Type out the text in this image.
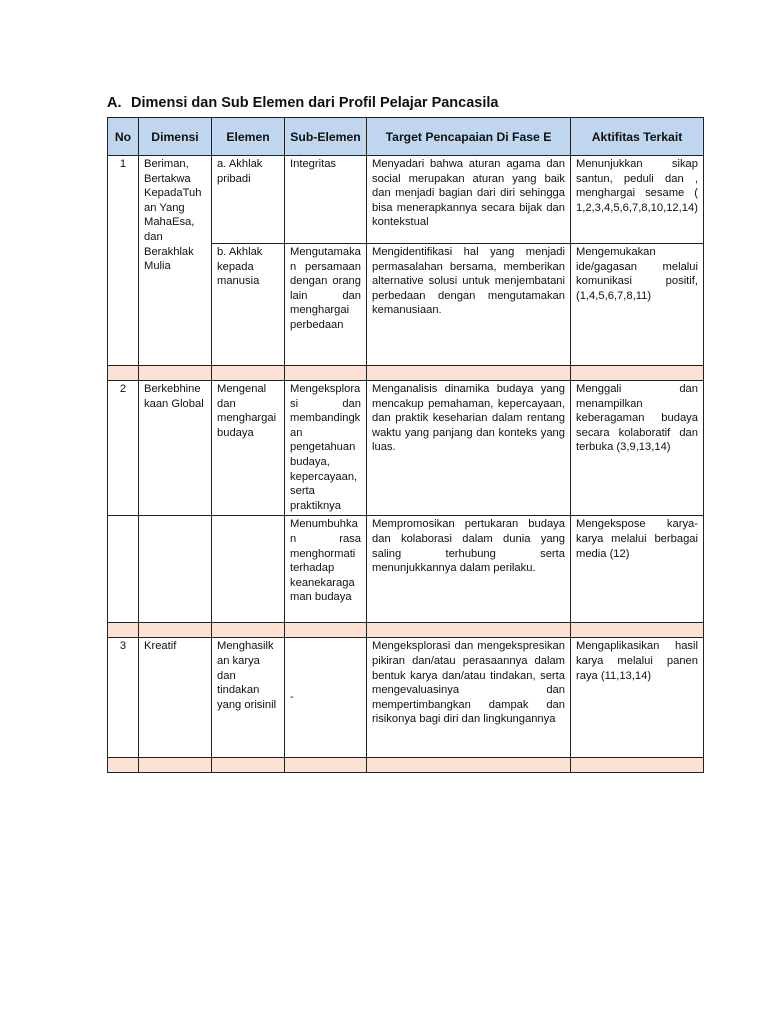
A. Dimensi dan Sub Elemen dari Profil Pelajar Pancasila
No	Dimensi	Elemen	Sub-Elemen	Target Pencapaian Di Fase E	Aktifitas Terkait
1	Beriman, Bertakwa KepadaTuhan Yang MahaEsa, dan Berakhlak Mulia	a. Akhlak pribadi	Integritas	Menyadari bahwa aturan agama dan social merupakan aturan yang baik dan menjadi bagian dari diri sehingga bisa menerapkannya secara bijak dan kontekstual	Menunjukkan sikap santun, peduli dan , menghargai sesame ( 1,2,3,4,5,6,7,8,10,12,14)
		b. Akhlak kepada manusia	Mengutamakan persamaan dengan orang lain dan menghargai perbedaan	Mengidentifikasi hal yang menjadi permasalahan bersama, memberikan alternative solusi untuk menjembatani perbedaan dengan mengutamakan kemanusiaan.	Mengemukakan ide/gagasan melalui komunikasi positif, (1,4,5,6,7,8,11)

2	Berkebhinekaan Global	Mengenal dan menghargai budaya	Mengeksplorasi dan membandingkan pengetahuan budaya, kepercayaan, serta praktiknya	Menganalisis dinamika budaya yang mencakup pemahaman, kepercayaan, dan praktik keseharian dalam rentang waktu yang panjang dan konteks yang luas.	Menggali dan menampilkan keberagaman budaya secara kolaboratif dan terbuka (3,9,13,14)
			Menumbuhkan rasa menghormati terhadap keanekaragaman budaya	Mempromosikan pertukaran budaya dan kolaborasi dalam dunia yang saling terhubung serta menunjukkannya dalam perilaku.	Mengekspose karya-karya melalui berbagai media (12)

3	Kreatif	Menghasilkan karya dan tindakan yang orisinil	-	Mengeksplorasi dan mengekspresikan pikiran dan/atau perasaannya dalam bentuk karya dan/atau tindakan, serta mengevaluasinya dan mempertimbangkan dampak dan risikonya bagi diri dan lingkungannya	Mengaplikasikan hasil karya melalui panen raya (11,13,14)
